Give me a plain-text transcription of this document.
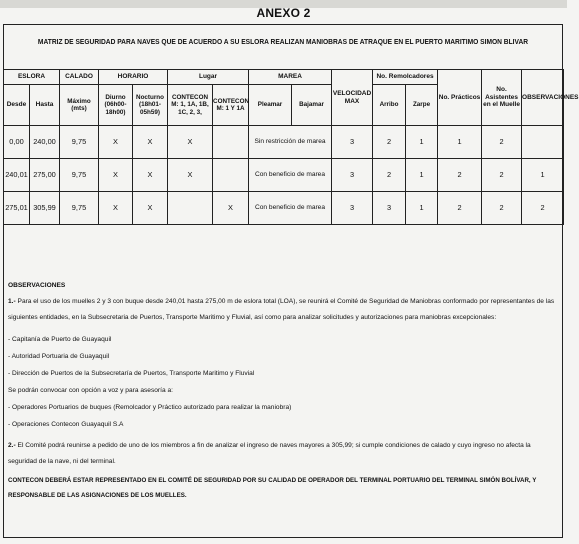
ANEXO 2
MATRIZ DE SEGURIDAD PARA NAVES QUE DE ACUERDO A SU ESLORA REALIZAN MANIOBRAS DE ATRAQUE EN EL PUERTO MARITIMO SIMON BLIVAR
ESLORA		CALADO	HORARIO		Lugar		MAREA		VELOCIDAD MAX	No. Remolcadores		No. Prácticos	No. Asistentes en el Muelle	OBSERVACIONES
Desde	Hasta	Máximo (mts)	Diurno (06h00-18h00)	Nocturno (18h01-05h59)	CONTECON M: 1, 1A, 1B, 1C, 2, 3,	CONTECON M: 1 Y 1A	Pleamar	Bajamar		Arribo	Zarpe			
0,00	240,00	9,75	X	X	X		Sin restricción de marea		3	2	1	1	2	
240,01	275,00	9,75	X	X	X		Con beneficio de marea		3	2	1	2	2	1
275,01	305,99	9,75	X	X		X	Con beneficio de marea		3	3	1	2	2	2

OBSERVACIONES

1.- Para el uso de los muelles 2 y 3 con buque desde 240,01 hasta 275,00 m de eslora total (LOA), se reunirá el Comité de Seguridad de Maniobras conformado por representantes de las siguientes entidades, en la Subsecretaria de Puertos, Transporte Maritimo y Fluvial, así como para analizar solicitudes y autorizaciones para maniobras excepcionales:

- Capitanía de Puerto de Guayaquil

- Autoridad Portuaria de Guayaquil

- Dirección de Puertos de la Subsecretaría de Puertos, Transporte Maritimo y Fluvial

Se podrán convocar con opción a voz y para asesoría a:

- Operadores Portuarios de buques (Remolcador y Práctico autorizado para realizar la maniobra)

- Operaciones Contecon Guayaquil S.A

2.- El Comité podrá reunirse a pedido de uno de los miembros a fin de analizar el ingreso de naves mayores a 305,99; si cumple condiciones de calado y cuyo ingreso no afecta la seguridad de la nave, ni del terminal.

CONTECON DEBERÁ ESTAR REPRESENTADO EN EL COMITÉ DE SEGURIDAD POR SU CALIDAD DE OPERADOR DEL TERMINAL PORTUARIO DEL TERMINAL SIMÓN BOLÍVAR, Y RESPONSABLE DE LAS ASIGNACIONES DE LOS MUELLES.
